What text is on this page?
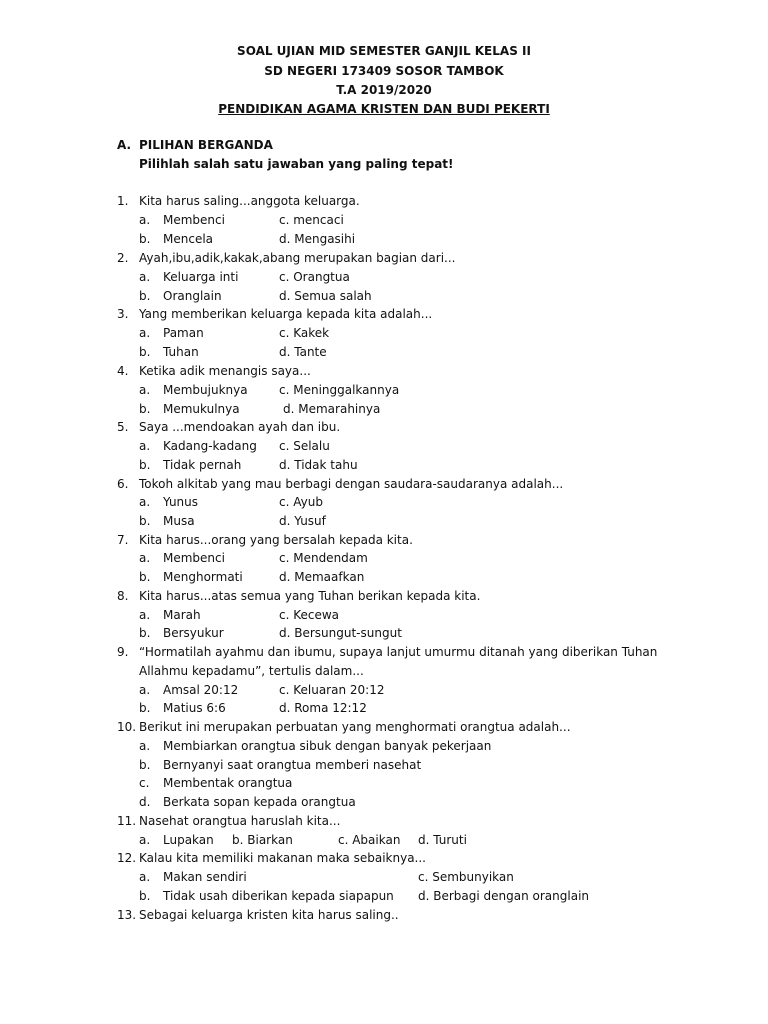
SOAL UJIAN MID SEMESTER GANJIL KELAS II
SD NEGERI 173409 SOSOR TAMBOK
T.A 2019/2020
PENDIDIKAN AGAMA KRISTEN DAN BUDI PEKERTI
A. PILIHAN BERGANDA
Pilihlah salah satu jawaban yang paling tepat!
1. Kita harus saling...anggota keluarga.
a. Membenci	c. mencaci
b. Mencela	d. Mengasihi
2. Ayah,ibu,adik,kakak,abang merupakan bagian dari...
a. Keluarga inti	c. Orangtua
b. Oranglain	d. Semua salah
3. Yang memberikan keluarga kepada kita adalah...
a. Paman	c. Kakek
b. Tuhan	d. Tante
4. Ketika adik menangis saya...
a. Membujuknya	c. Meninggalkannya
b. Memukulnya	d. Memarahinya
5. Saya ...mendoakan ayah dan ibu.
a. Kadang-kadang c. Selalu
b. Tidak pernah	d. Tidak tahu
6. Tokoh alkitab yang mau berbagi dengan saudara-saudaranya adalah...
a. Yunus	c. Ayub
b. Musa	d. Yusuf
7. Kita harus...orang yang bersalah kepada kita.
a. Membenci	c. Mendendam
b. Menghormati	d. Memaafkan
8. Kita harus...atas semua yang Tuhan berikan kepada kita.
a. Marah	c. Kecewa
b. Bersyukur	d. Bersungut-sungut
9. “Hormatilah ayahmu dan ibumu, supaya lanjut umurmu ditanah yang diberikan Tuhan
Allahmu kepadamu”, tertulis dalam...
a. Amsal 20:12	c. Keluaran 20:12
b. Matius 6:6	d. Roma 12:12
10. Berikut ini merupakan perbuatan yang menghormati orangtua adalah...
a. Membiarkan orangtua sibuk dengan banyak pekerjaan
b. Bernyanyi saat orangtua memberi nasehat
c. Membentak orangtua
d. Berkata sopan kepada orangtua
11. Nasehat orangtua haruslah kita...
a. Lupakan b. Biarkan	c. Abaikan d. Turuti
12. Kalau kita memiliki makanan maka sebaiknya...
a. Makan sendiri	c. Sembunyikan
b. Tidak usah diberikan kepada siapapun d. Berbagi dengan oranglain
13. Sebagai keluarga kristen kita harus saling..
